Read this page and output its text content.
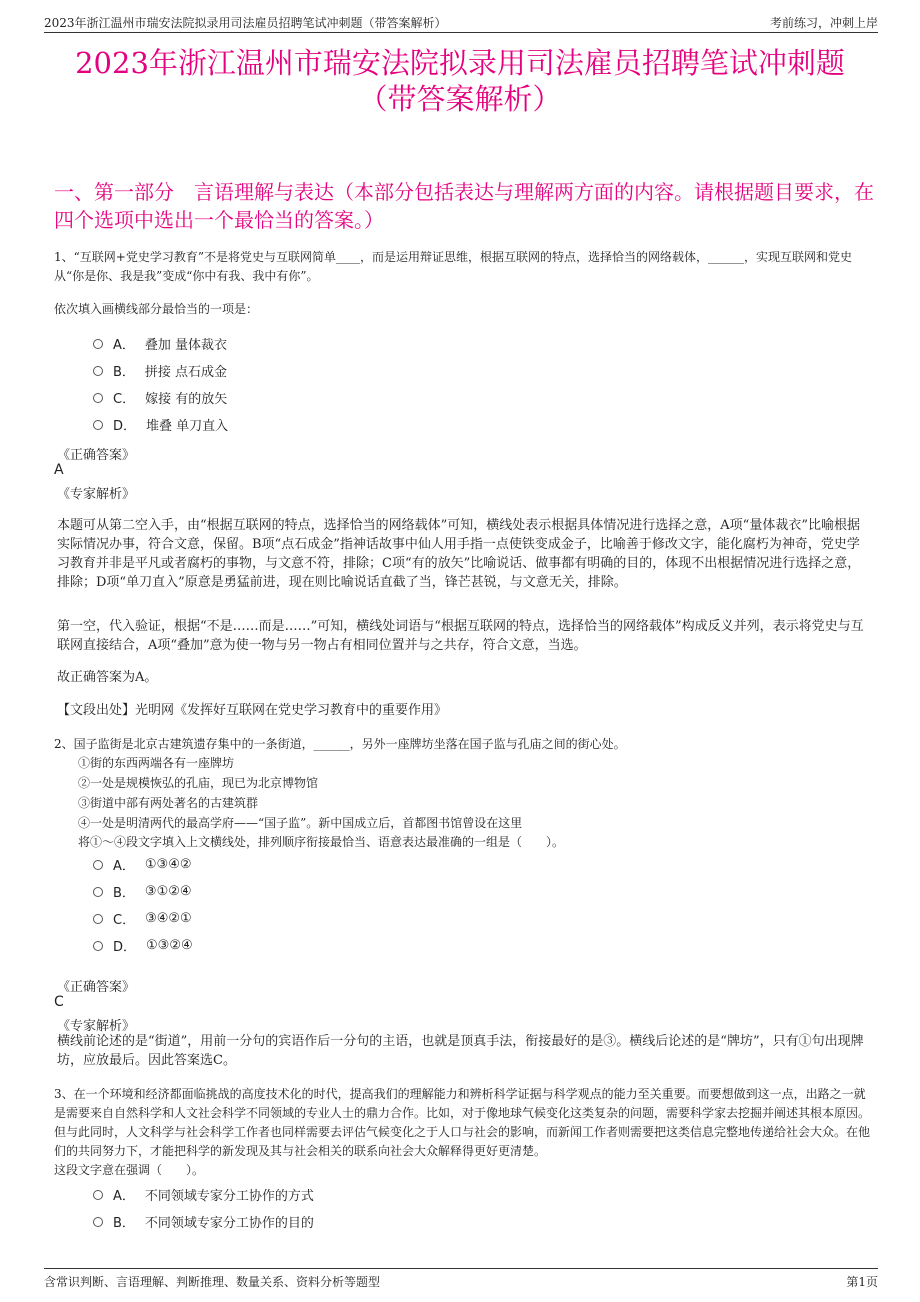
2023年浙江温州市瑞安法院拟录用司法雇员招聘笔试冲刺题（带答案解析）	考前练习，冲刺上岸
2023年浙江温州市瑞安法院拟录用司法雇员招聘笔试冲刺题
（带答案解析）
一、第一部分 言语理解与表达（本部分包括表达与理解两方面的内容。请根据题目要求，在四个选项中选出一个最恰当的答案。）
1、“互联网+党史学习教育”不是将党史与互联网简单____，而是运用辩证思维，根据互联网的特点，选择恰当的网络载体，______，实现互联网和党史从“你是你、我是我”变成“你中有我、我中有你”。
依次填入画横线部分最恰当的一项是：
A． 叠加 量体裁衣
B． 拼接 点石成金
C． 嫁接 有的放矢
D． 堆叠 单刀直入
《正确答案》
A
《专家解析》
本题可从第二空入手，由“根据互联网的特点，选择恰当的网络载体”可知，横线处表示根据具体情况进行选择之意，A项“量体裁衣”比喻根据实际情况办事，符合文意，保留。B项“点石成金”指神话故事中仙人用手指一点使铁变成金子，比喻善于修改文字，能化腐朽为神奇，党史学习教育并非是平凡或者腐朽的事物，与文意不符，排除；C项“有的放矢”比喻说话、做事都有明确的目的，体现不出根据情况进行选择之意，排除；D项“单刀直入”原意是勇猛前进，现在则比喻说话直截了当，锋芒甚锐，与文意无关，排除。
第一空，代入验证，根据“不是……而是……”可知，横线处词语与“根据互联网的特点，选择恰当的网络载体”构成反义并列，表示将党史与互联网直接结合，A项“叠加”意为使一物与另一物占有相同位置并与之共存，符合文意，当选。
故正确答案为A。
【文段出处】光明网《发挥好互联网在党史学习教育中的重要作用》
2、国子监街是北京古建筑遗存集中的一条街道，______，另外一座牌坊坐落在国子监与孔庙之间的街心处。
①街的东西两端各有一座牌坊
②一处是规模恢弘的孔庙，现已为北京博物馆
③街道中部有两处著名的古建筑群
④一处是明清两代的最高学府——“国子监”。新中国成立后，首都图书馆曾设在这里
将①～④段文字填入上文横线处，排列顺序衔接最恰当、语意表达最准确的一组是（　　）。
A． ①③④②
B． ③①②④
C． ③④②①
D． ①③②④
《正确答案》
C
《专家解析》
横线前论述的是“街道”，用前一分句的宾语作后一分句的主语，也就是顶真手法，衔接最好的是③。横线后论述的是“牌坊”，只有①句出现牌坊，应放最后。因此答案选C。
3、在一个环境和经济都面临挑战的高度技术化的时代，提高我们的理解能力和辨析科学证据与科学观点的能力至关重要。而要想做到这一点，出路之一就是需要来自自然科学和人文社会科学不同领域的专业人士的鼎力合作。比如，对于像地球气候变化这类复杂的问题，需要科学家去挖掘并阐述其根本原因。但与此同时，人文科学与社会科学工作者也同样需要去评估气候变化之于人口与社会的影响，而新闻工作者则需要把这类信息完整地传递给社会大众。在他们的共同努力下，才能把科学的新发现及其与社会相关的联系向社会大众解释得更好更清楚。
这段文字意在强调（　　）。
A． 不同领域专家分工协作的方式
B． 不同领域专家分工协作的目的
含常识判断、言语理解、判断推理、数量关系、资料分析等题型	第1页
